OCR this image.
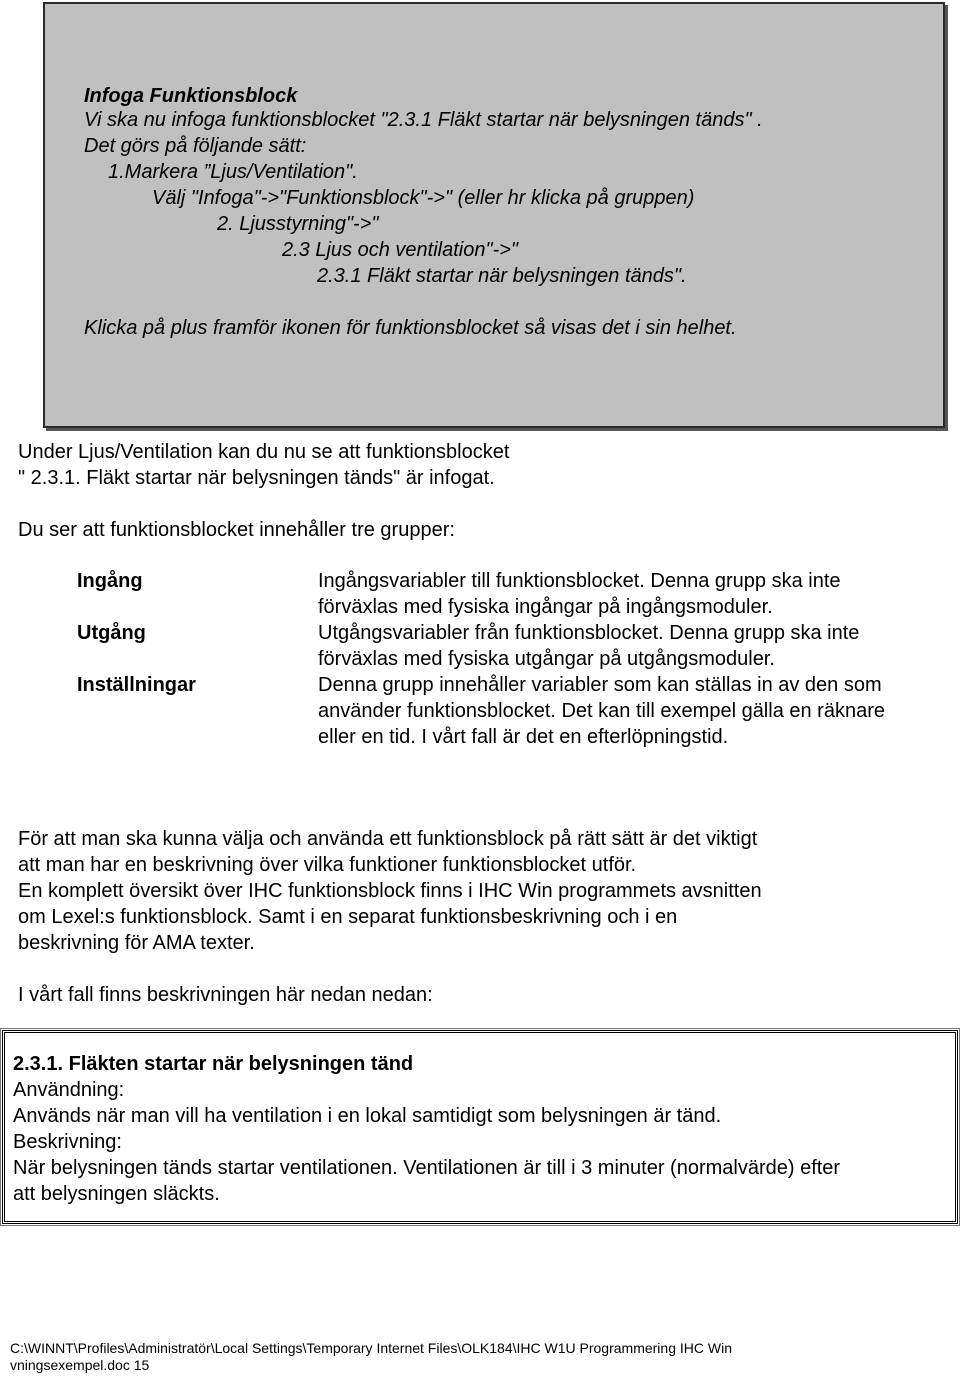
Infoga Funktionsblock
Vi ska nu infoga funktionsblocket "2.3.1 Fläkt startar när belysningen tänds" .
Det görs på följande sätt:
1.Markera ”Ljus/Ventilation".
Välj "Infoga"->"Funktionsblock"->" (eller hr klicka på gruppen)
2. Ljusstyrning"->"
2.3 Ljus och ventilation"->"
2.3.1 Fläkt startar när belysningen tänds".
Klicka på plus framför ikonen för funktionsblocket så visas det i sin helhet.
Under Ljus/Ventilation kan du nu se att funktionsblocket
" 2.3.1. Fläkt startar när belysningen tänds" är infogat.
Du ser att funktionsblocket innehåller tre grupper:
Ingång	Ingångsvariabler till funktionsblocket. Denna grupp ska inte
förväxlas med fysiska ingångar på ingångsmoduler.
Utgång	Utgångsvariabler från funktionsblocket. Denna grupp ska inte
förväxlas med fysiska utgångar på utgångsmoduler.
Inställningar	Denna grupp innehåller variabler som kan ställas in av den som
använder funktionsblocket. Det kan till exempel gälla en räknare
eller en tid. I vårt fall är det en efterlöpningstid.
För att man ska kunna välja och använda ett funktionsblock på rätt sätt är det viktigt
att man har en beskrivning över vilka funktioner funktionsblocket utför.
En komplett översikt över IHC funktionsblock finns i IHC Win programmets avsnitten
om Lexel:s funktionsblock. Samt i en separat funktionsbeskrivning och i en
beskrivning för AMA texter.
I vårt fall finns beskrivningen här nedan nedan:
2.3.1. Fläkten startar när belysningen tänd
Användning:
Används när man vill ha ventilation i en lokal samtidigt som belysningen är tänd.
Beskrivning:
När belysningen tänds startar ventilationen. Ventilationen är till i 3 minuter (normalvärde) efter
att belysningen släckts.
C:\WINNT\Profiles\Administratör\Local Settings\Temporary Internet Files\OLK184\IHC W1U Programmering IHC Win
vningsexempel.doc 15
